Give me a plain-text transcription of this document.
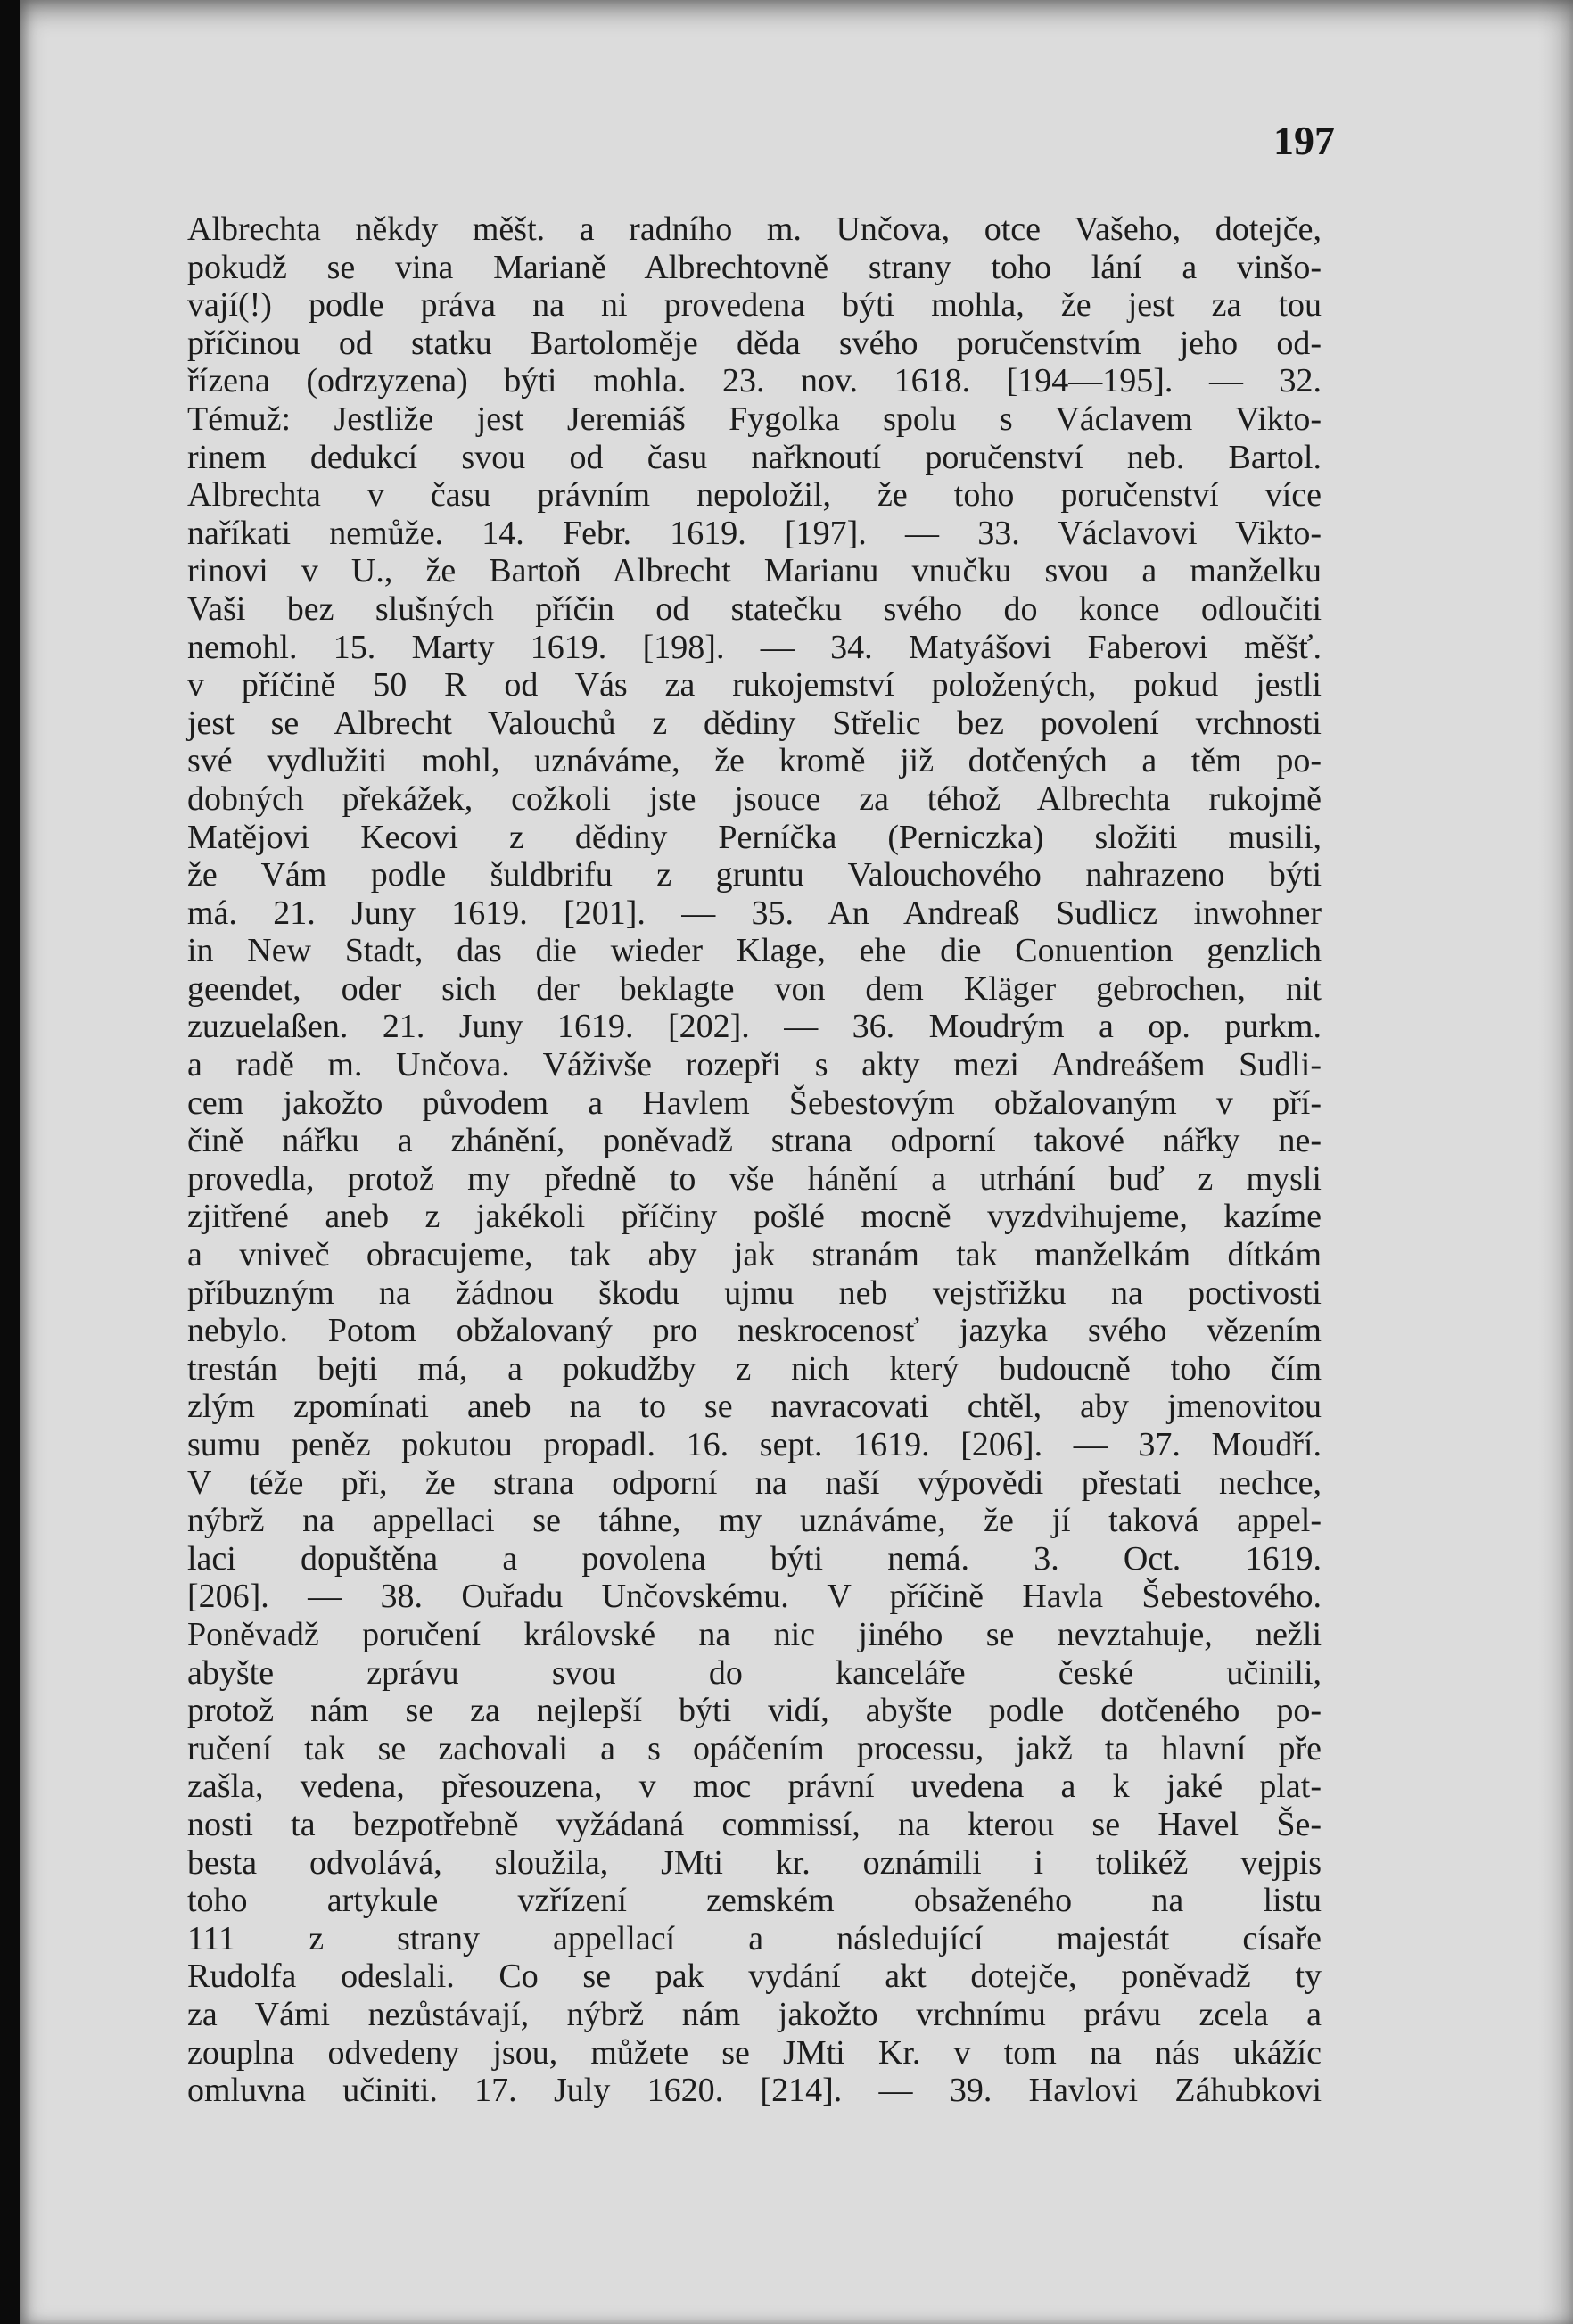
197
Albrechta někdy měšt. a radního m. Unčova, otce Vašeho, dotejče,
pokudž se vina Marianě Albrechtovně strany toho lání a vinšo-
vají(!) podle práva na ni provedena býti mohla, že jest za tou
příčinou od statku Bartoloměje děda svého poručenstvím jeho od-
řízena (odrzyzena) býti mohla. 23. nov. 1618. [194—195]. — 32.
Témuž: Jestliže jest Jeremiáš Fygolka spolu s Václavem Vikto-
rinem dedukcí svou od času nařknoutí poručenství neb. Bartol.
Albrechta v času právním nepoložil, že toho poručenství více
naříkati nemůže. 14. Febr. 1619. [197]. — 33. Václavovi Vikto-
rinovi v U., že Bartoň Albrecht Marianu vnučku svou a manželku
Vaši bez slušných příčin od statečku svého do konce odloučiti
nemohl. 15. Marty 1619. [198]. — 34. Matyášovi Faberovi měšť.
v příčině 50 R od Vás za rukojemství položených, pokud jestli
jest se Albrecht Valouchů z dědiny Střelic bez povolení vrchnosti
své vydlužiti mohl, uznáváme, že kromě již dotčených a těm po-
dobných překážek, cožkoli jste jsouce za téhož Albrechta rukojmě
Matějovi Kecovi z dědiny Perníčka (Perniczka) složiti musili,
že Vám podle šuldbrifu z gruntu Valouchového nahrazeno býti
má. 21. Juny 1619. [201]. — 35. An Andreaß Sudlicz inwohner
in New Stadt, das die wieder Klage, ehe die Conuention genzlich
geendet, oder sich der beklagte von dem Kläger gebrochen, nit
zuzuelaßen. 21. Juny 1619. [202]. — 36. Moudrým a op. purkm.
a radě m. Unčova. Váživše rozepři s akty mezi Andreášem Sudli-
cem jakožto původem a Havlem Šebestovým obžalovaným v pří-
čině nářku a zhánění, poněvadž strana odporní takové nářky ne-
provedla, protož my předně to vše hánění a utrhání buď z mysli
zjitřené aneb z jakékoli příčiny pošlé mocně vyzdvihujeme, kazíme
a vniveč obracujeme, tak aby jak stranám tak manželkám dítkám
příbuzným na žádnou škodu ujmu neb vejstřižku na poctivosti
nebylo. Potom obžalovaný pro neskrocenosť jazyka svého vězením
trestán bejti má, a pokudžby z nich který budoucně toho čím
zlým zpomínati aneb na to se navracovati chtěl, aby jmenovitou
sumu peněz pokutou propadl. 16. sept. 1619. [206]. — 37. Moudří.
V téže při, že strana odporní na naší výpovědi přestati nechce,
nýbrž na appellaci se táhne, my uznáváme, že jí taková appel-
laci dopuštěna a povolena býti nemá. 3. Oct. 1619.
[206]. — 38. Ouřadu Unčovskému. V příčině Havla Šebestového.
Poněvadž poručení královské na nic jiného se nevztahuje, nežli
abyšte zprávu svou do kanceláře české učinili,
protož nám se za nejlepší býti vidí, abyšte podle dotčeného po-
ručení tak se zachovali a s opáčením processu, jakž ta hlavní pře
zašla, vedena, přesouzena, v moc právní uvedena a k jaké plat-
nosti ta bezpotřebně vyžádaná commissí, na kterou se Havel Še-
besta odvolává, sloužila, JMti kr. oznámili i tolikéž vejpis
toho artykule vzřízení zemském obsaženého na listu
111 z strany appellací a následující majestát císaře
Rudolfa odeslali. Co se pak vydání akt dotejče, poněvadž ty
za Vámi nezůstávají, nýbrž nám jakožto vrchnímu právu zcela a
zouplna odvedeny jsou, můžete se JMti Kr. v tom na nás ukážíc
omluvna učiniti. 17. July 1620. [214]. — 39. Havlovi Záhubkovi
